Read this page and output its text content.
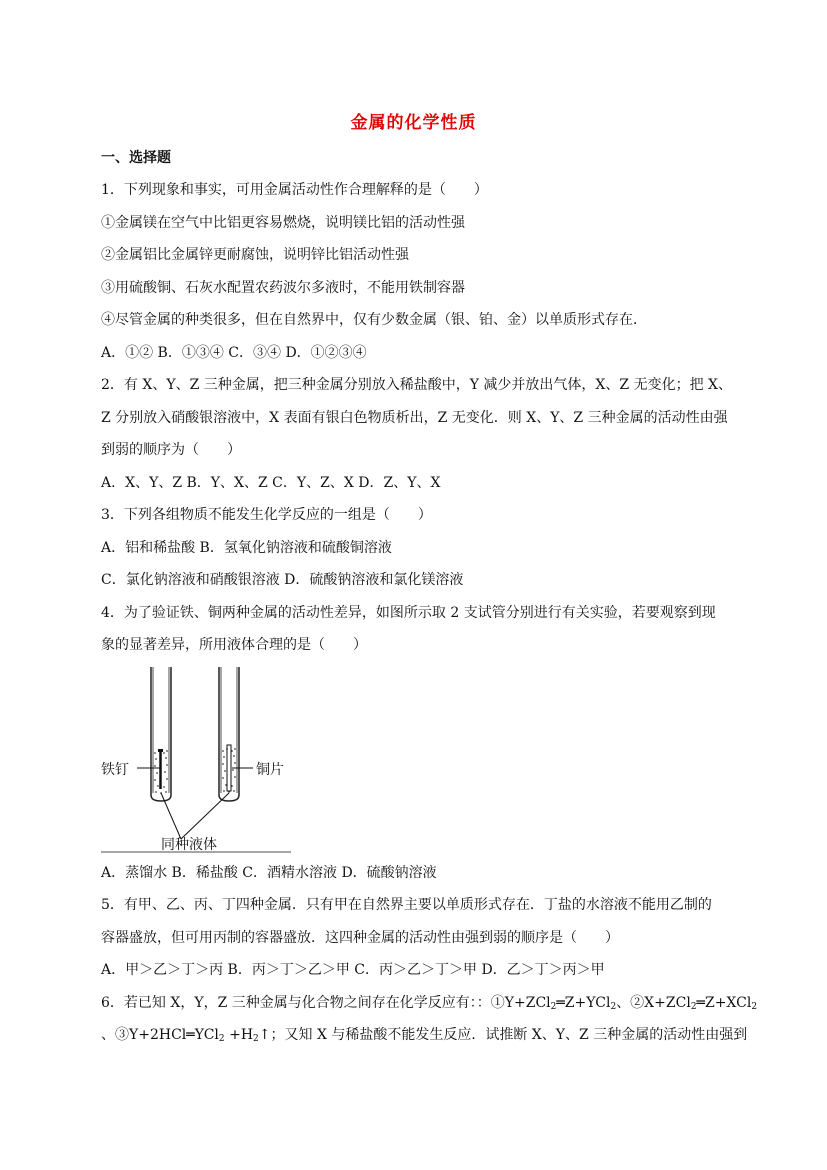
金属的化学性质
一、选择题
1．下列现象和事实，可用金属活动性作合理解释的是（　　）
①金属镁在空气中比铝更容易燃烧，说明镁比铝的活动性强
②金属铝比金属锌更耐腐蚀，说明锌比铝活动性强
③用硫酸铜、石灰水配置农药波尔多液时，不能用铁制容器
④尽管金属的种类很多，但在自然界中，仅有少数金属（银、铂、金）以单质形式存在．
A．①② B．①③④ C．③④ D．①②③④
2．有 X、Y、Z 三种金属，把三种金属分别放入稀盐酸中，Y 减少并放出气体，X、Z 无变化；把 X、
Z 分别放入硝酸银溶液中，X 表面有银白色物质析出，Z 无变化．则 X、Y、Z 三种金属的活动性由强
到弱的顺序为（　　）
A．X、Y、Z B．Y、X、Z C．Y、Z、X D．Z、Y、X
3．下列各组物质不能发生化学反应的一组是（　　）
A．铝和稀盐酸 B．氢氧化钠溶液和硫酸铜溶液
C．氯化钠溶液和硝酸银溶液 D．硫酸钠溶液和氯化镁溶液
4．为了验证铁、铜两种金属的活动性差异，如图所示取 2 支试管分别进行有关实验，若要观察到现
象的显著差异，所用液体合理的是（　　）
铁钉	铜片
同种液体
A．蒸馏水 B．稀盐酸 C．酒精水溶液 D．硫酸钠溶液
5．有甲、乙、丙、丁四种金属．只有甲在自然界主要以单质形式存在．丁盐的水溶液不能用乙制的
容器盛放，但可用丙制的容器盛放．这四种金属的活动性由强到弱的顺序是（　　）
A．甲＞乙＞丁＞丙 B．丙＞丁＞乙＞甲 C．丙＞乙＞丁＞甲 D．乙＞丁＞丙＞甲
6．若已知 X，Y，Z 三种金属与化合物之间存在化学反应有：：①Y+ZCl$_2$═Z+YCl$_2$、②X+ZCl$_2$═Z+XCl$_2$
、③Y+2HCl═YCl$_2$ $+H_2↑$；又知 X 与稀盐酸不能发生反应．试推断 X、Y、Z 三种金属的活动性由强到
